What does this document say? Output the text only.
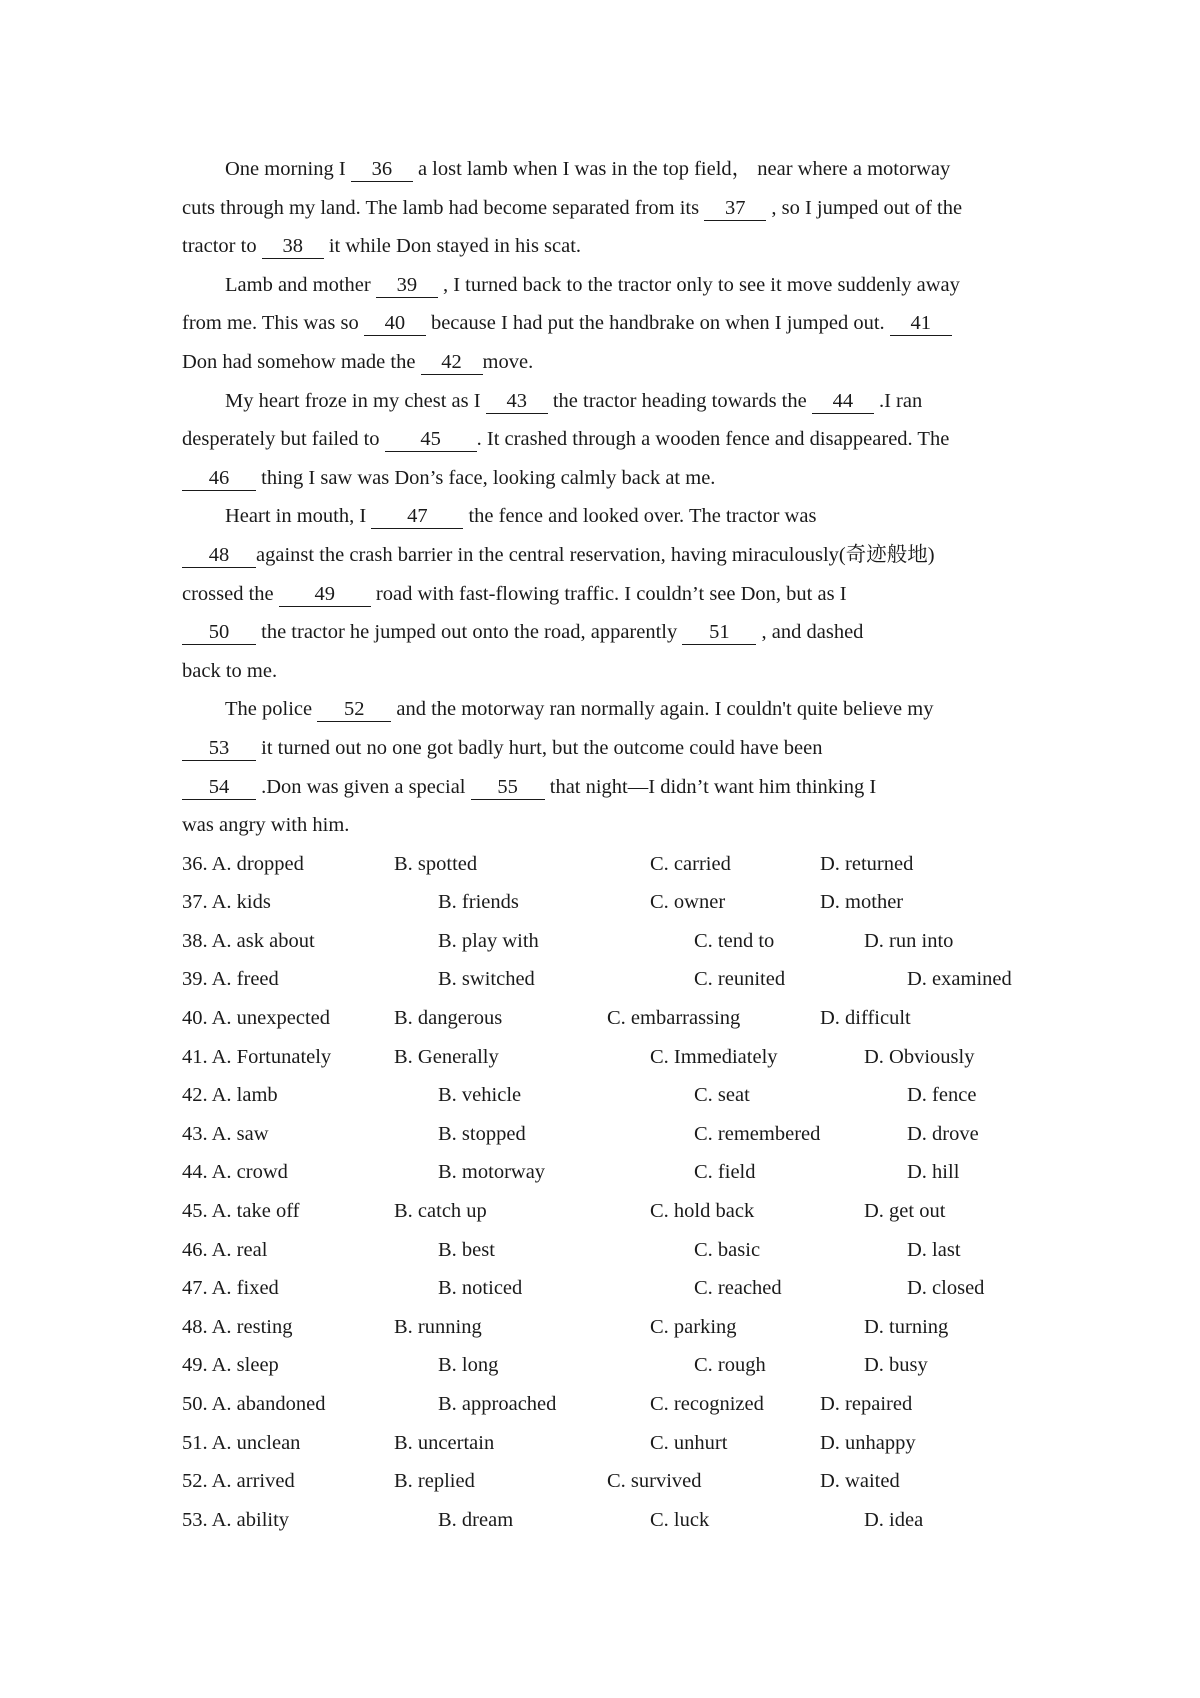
One morning I 36 a lost lamb when I was in the top field， near where a motorway
cuts through my land. The lamb had become separated from its 37 , so I jumped out of the
tractor to 38 it while Don stayed in his scat.
Lamb and mother 39 , I turned back to the tractor only to see it move suddenly away
from me. This was so 40 because I had put the handbrake on when I jumped out. 41
Don had somehow made the 42 move.
My heart froze in my chest as I 43 the tractor heading towards the 44 .I ran
desperately but failed to 45 . It crashed through a wooden fence and disappeared. The
46 thing I saw was Don’s face, looking calmly back at me.
Heart in mouth, I 47 the fence and looked over. The tractor was
48 against the crash barrier in the central reservation, having miraculously(奇迹般地)
crossed the 49 road with fast-flowing traffic. I couldn’t see Don, but as I
50 the tractor he jumped out onto the road, apparently 51 , and dashed
back to me.
The police 52 and the motorway ran normally again. I couldn't quite believe my
53 it turned out no one got badly hurt, but the outcome could have been
54 .Don was given a special 55 that night—I didn’t want him thinking I
was angry with him.
36. A. dropped	B. spotted	C. carried	D. returned
37. A. kids	B. friends	C. owner	D. mother
38. A. ask about	B. play with	C. tend to	D. run into
39. A. freed	B. switched	C. reunited	D. examined
40. A. unexpected	B. dangerous	C. embarrassing	D. difficult
41. A. Fortunately	B. Generally	C. Immediately	D. Obviously
42. A. lamb	B. vehicle	C. seat	D. fence
43. A. saw	B. stopped	C. remembered	D. drove
44. A. crowd	B. motorway	C. field	D. hill
45. A. take off	B. catch up	C. hold back	D. get out
46. A. real	B. best	C. basic	D. last
47. A. fixed	B. noticed	C. reached	D. closed
48. A. resting	B. running	C. parking	D. turning
49. A. sleep	B. long	C. rough	D. busy
50. A. abandoned	B. approached	C. recognized	D. repaired
51. A. unclean	B. uncertain	C. unhurt	D. unhappy
52. A. arrived	B. replied	C. survived	D. waited
53. A. ability	B. dream	C. luck	D. idea
